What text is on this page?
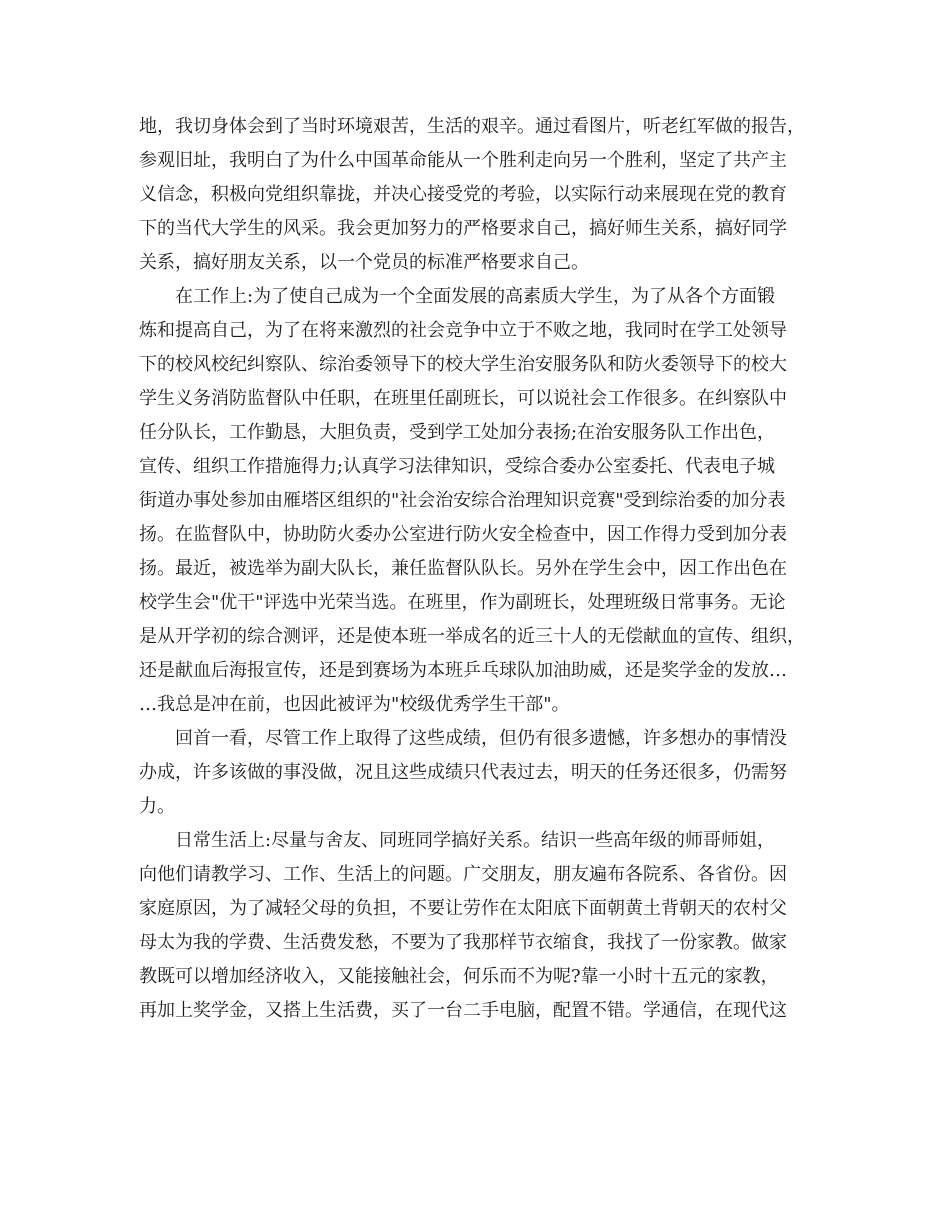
地，我切身体会到了当时环境艰苦，生活的艰辛。通过看图片，听老红军做的报告，
参观旧址，我明白了为什么中国革命能从一个胜利走向另一个胜利，坚定了共产主
义信念，积极向党组织靠拢，并决心接受党的考验，以实际行动来展现在党的教育
下的当代大学生的风采。我会更加努力的严格要求自己，搞好师生关系，搞好同学
关系，搞好朋友关系，以一个党员的标准严格要求自己。
在工作上:为了使自己成为一个全面发展的高素质大学生，为了从各个方面锻
炼和提高自己，为了在将来激烈的社会竞争中立于不败之地，我同时在学工处领导
下的校风校纪纠察队、综治委领导下的校大学生治安服务队和防火委领导下的校大
学生义务消防监督队中任职，在班里任副班长，可以说社会工作很多。在纠察队中
任分队长，工作勤恳，大胆负责，受到学工处加分表扬;在治安服务队工作出色，
宣传、组织工作措施得力;认真学习法律知识，受综合委办公室委托、代表电子城
街道办事处参加由雁塔区组织的"社会治安综合治理知识竞赛"受到综治委的加分表
扬。在监督队中，协助防火委办公室进行防火安全检查中，因工作得力受到加分表
扬。最近，被选举为副大队长，兼任监督队队长。另外在学生会中，因工作出色在
校学生会"优干"评选中光荣当选。在班里，作为副班长，处理班级日常事务。无论
是从开学初的综合测评，还是使本班一举成名的近三十人的无偿献血的宣传、组织，
还是献血后海报宣传，还是到赛场为本班乒乓球队加油助威，还是奖学金的发放…
…我总是冲在前，也因此被评为"校级优秀学生干部"。
回首一看，尽管工作上取得了这些成绩，但仍有很多遗憾，许多想办的事情没
办成，许多该做的事没做，况且这些成绩只代表过去，明天的任务还很多，仍需努
力。
日常生活上:尽量与舍友、同班同学搞好关系。结识一些高年级的师哥师姐，
向他们请教学习、工作、生活上的问题。广交朋友，朋友遍布各院系、各省份。因
家庭原因，为了减轻父母的负担，不要让劳作在太阳底下面朝黄土背朝天的农村父
母太为我的学费、生活费发愁，不要为了我那样节衣缩食，我找了一份家教。做家
教既可以增加经济收入，又能接触社会，何乐而不为呢?靠一小时十五元的家教，
再加上奖学金，又搭上生活费，买了一台二手电脑，配置不错。学通信，在现代这
